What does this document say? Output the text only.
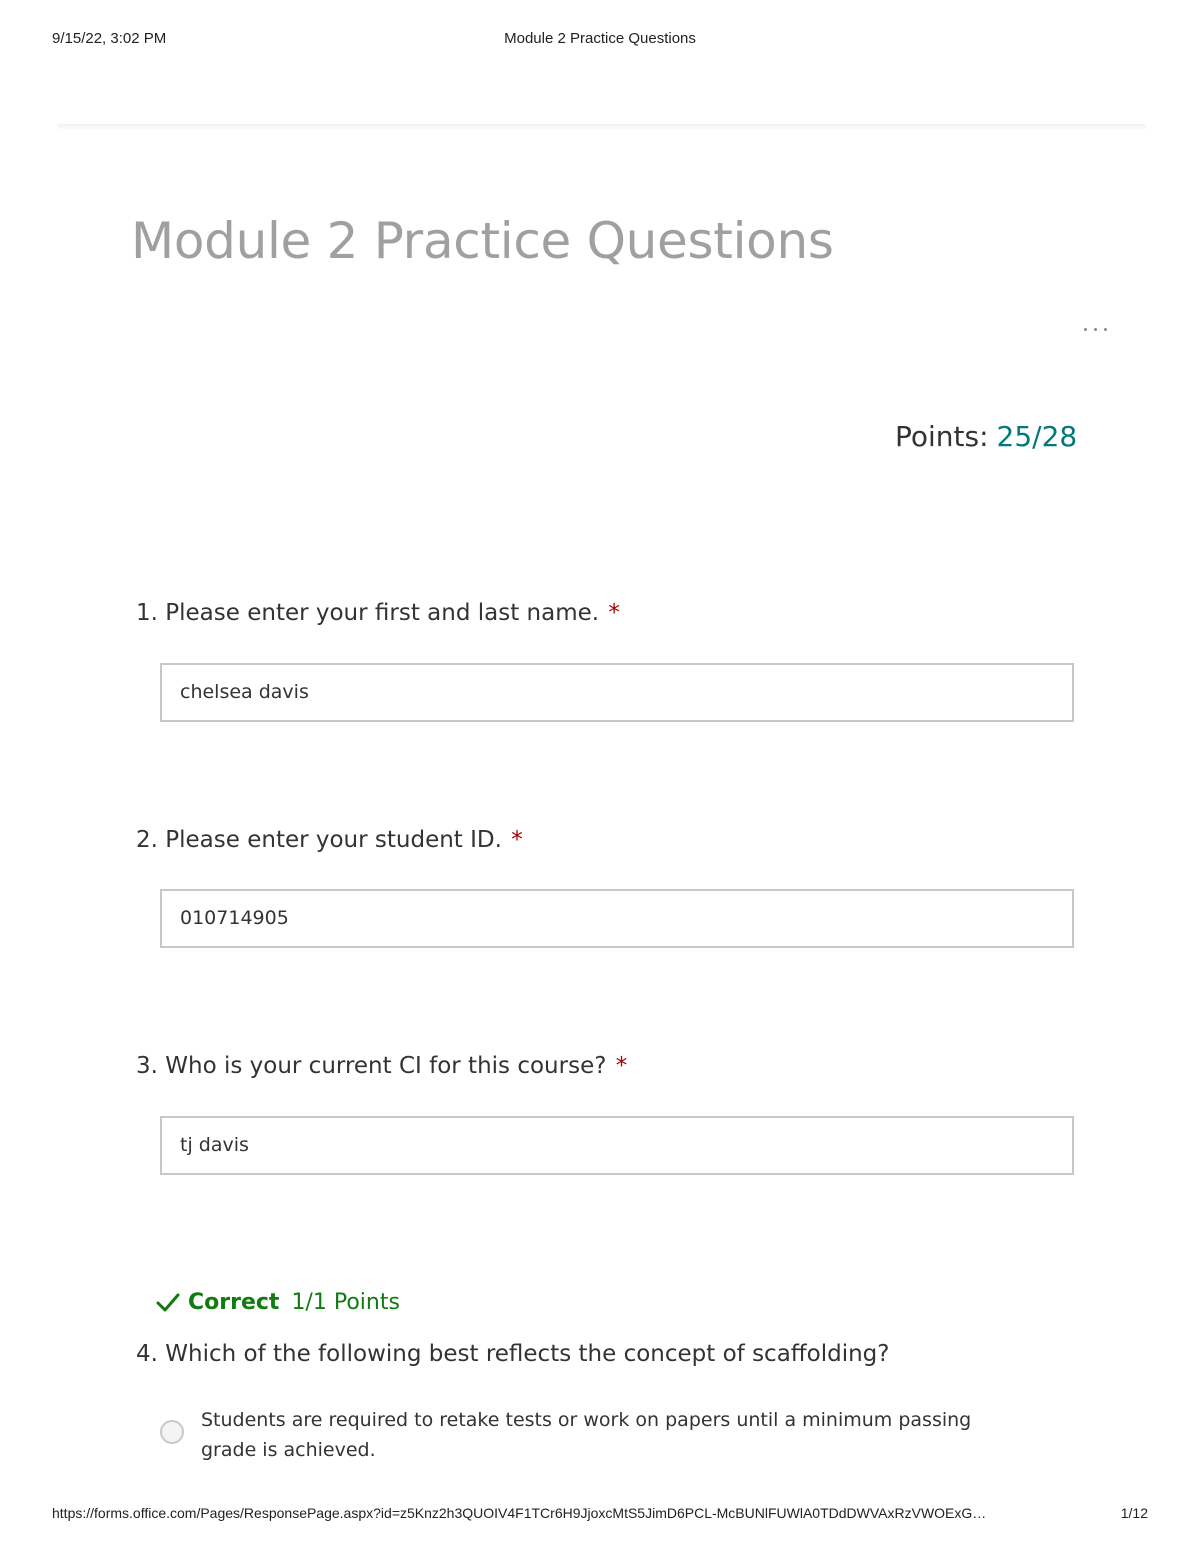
9/15/22, 3:02 PM	Module 2 Practice Questions
Module 2 Practice Questions
Points: 25/28
1. Please enter your first and last name. *
chelsea davis
2. Please enter your student ID. *
010714905
3. Who is your current CI for this course? *
tj davis
Correct 1/1 Points
4. Which of the following best reflects the concept of scaffolding?
Students are required to retake tests or work on papers until a minimum passing grade is achieved.
https://forms.office.com/Pages/ResponsePage.aspx?id=z5Knz2h3QUOIV4F1TCr6H9JjoxcMtS5JimD6PCL-McBUNlFUWlA0TDdDWVAxRzVWOExG…	1/12
